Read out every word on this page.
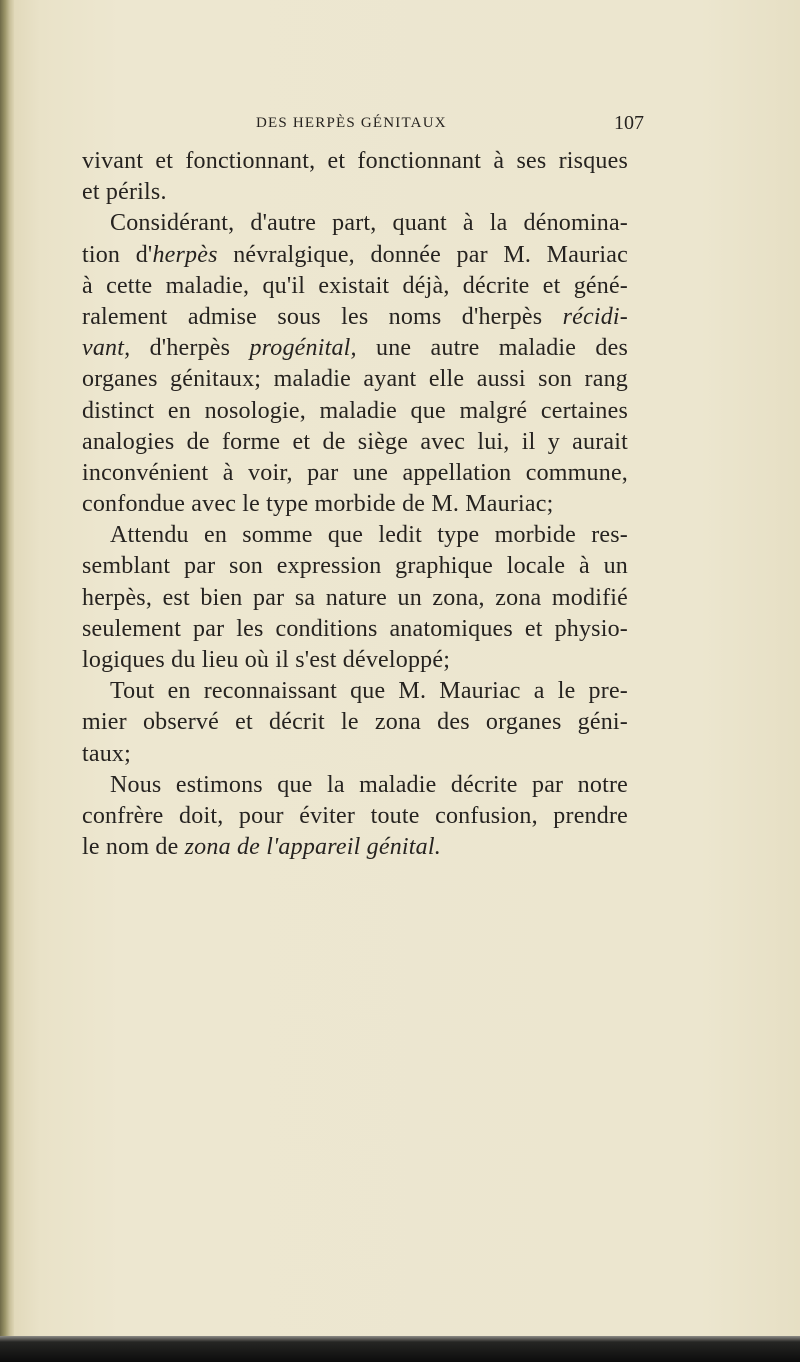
DES HERPÈS GÉNITAUX	107
vivant et fonctionnant, et fonctionnant à ses risques
et périls.
Considérant, d'autre part, quant à la dénomina-
tion d'herpès névralgique, donnée par M. Mauriac
à cette maladie, qu'il existait déjà, décrite et géné-
ralement admise sous les noms d'herpès récidi-
vant, d'herpès progénital, une autre maladie des
organes génitaux; maladie ayant elle aussi son rang
distinct en nosologie, maladie que malgré certaines
analogies de forme et de siège avec lui, il y aurait
inconvénient à voir, par une appellation commune,
confondue avec le type morbide de M. Mauriac;
Attendu en somme que ledit type morbide res-
semblant par son expression graphique locale à un
herpès, est bien par sa nature un zona, zona modifié
seulement par les conditions anatomiques et physio-
logiques du lieu où il s'est développé;
Tout en reconnaissant que M. Mauriac a le pre-
mier observé et décrit le zona des organes géni-
taux;
Nous estimons que la maladie décrite par notre
confrère doit, pour éviter toute confusion, prendre
le nom de zona de l'appareil génital.
